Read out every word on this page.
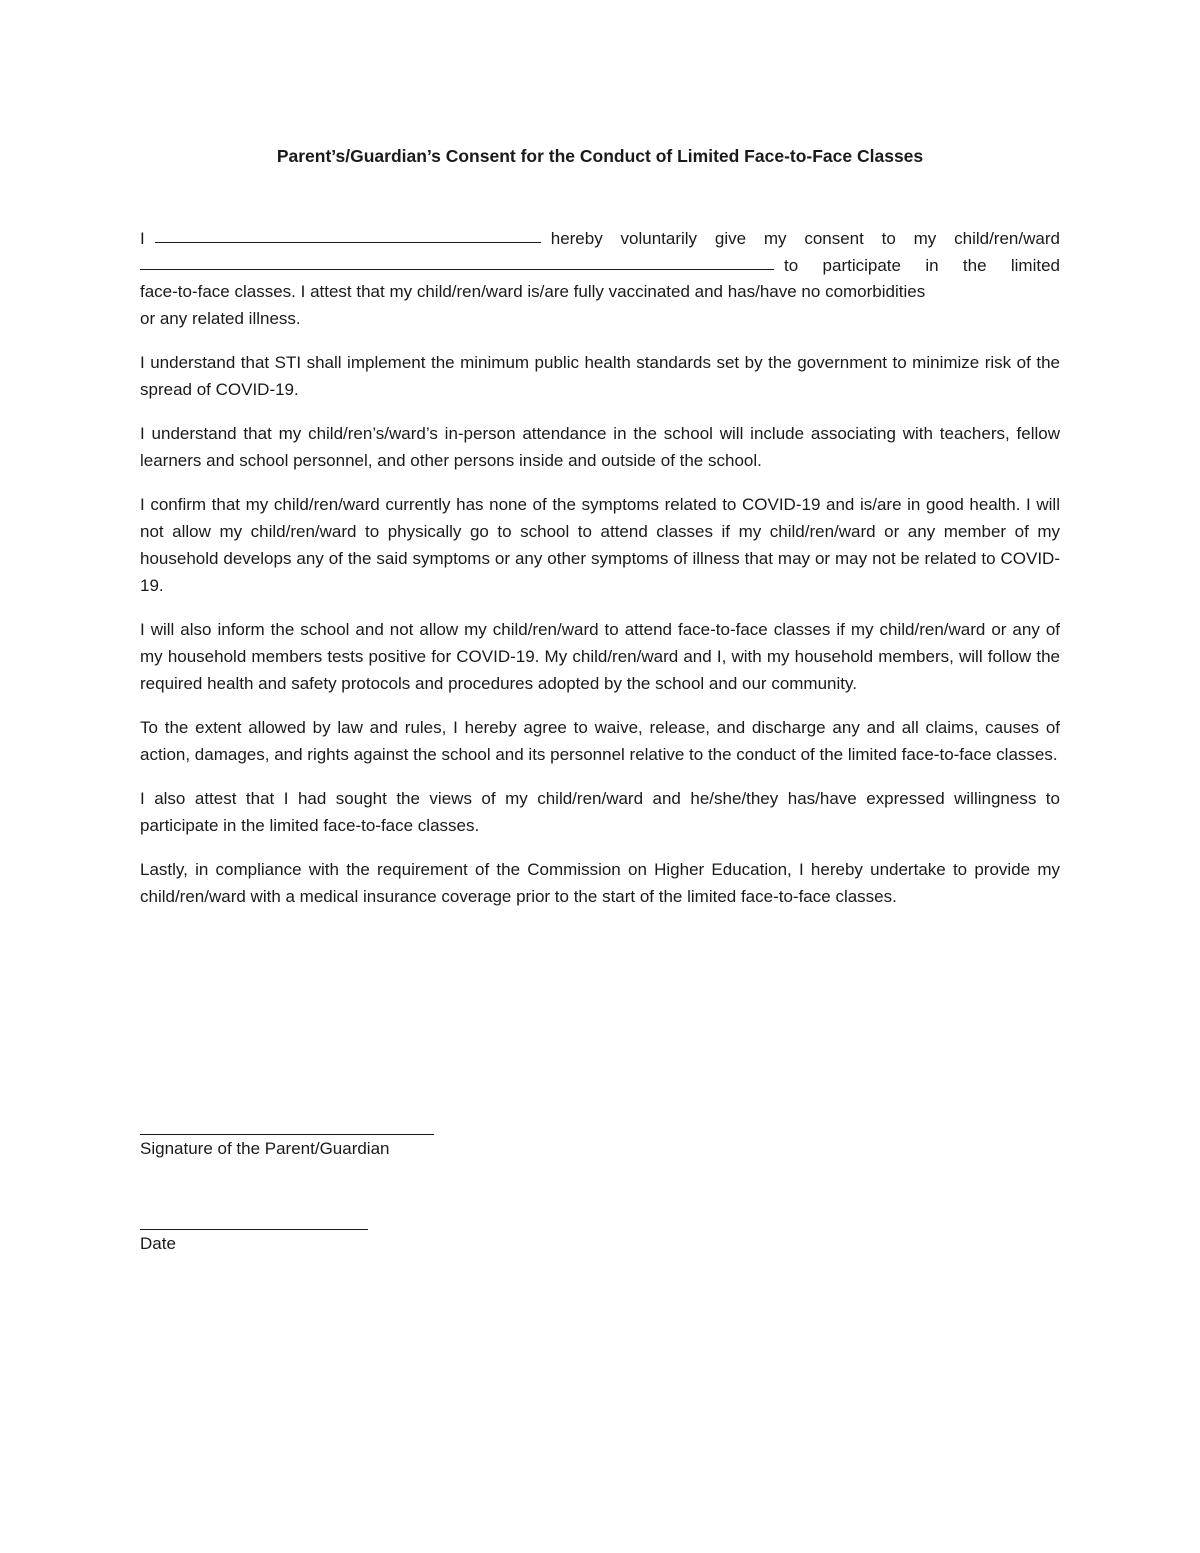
Parent’s/Guardian’s Consent for the Conduct of Limited Face-to-Face Classes
I	hereby voluntarily give my consent to my child/ren/ward
to participate in the limited
face-to-face classes. I attest that my child/ren/ward is/are fully vaccinated and has/have no comorbidities

or any related illness.

I understand that STI shall implement the minimum public health standards set by the government to minimize risk of the spread of COVID-19.

I understand that my child/ren’s/ward’s in-person attendance in the school will include associating with teachers, fellow learners and school personnel, and other persons inside and outside of the school.

I confirm that my child/ren/ward currently has none of the symptoms related to COVID-19 and is/are in good health. I will not allow my child/ren/ward to physically go to school to attend classes if my child/ren/ward or any member of my household develops any of the said symptoms or any other symptoms of illness that may or may not be related to COVID-19.

I will also inform the school and not allow my child/ren/ward to attend face-to-face classes if my child/ren/ward or any of my household members tests positive for COVID-19. My child/ren/ward and I, with my household members, will follow the required health and safety protocols and procedures adopted by the school and our community.

To the extent allowed by law and rules, I hereby agree to waive, release, and discharge any and all claims, causes of action, damages, and rights against the school and its personnel relative to the conduct of the limited face-to-face classes.

I also attest that I had sought the views of my child/ren/ward and he/she/they has/have expressed willingness to participate in the limited face-to-face classes.

Lastly, in compliance with the requirement of the Commission on Higher Education, I hereby undertake to provide my child/ren/ward with a medical insurance coverage prior to the start of the limited face-to-face classes.

Signature of the Parent/Guardian
Date
